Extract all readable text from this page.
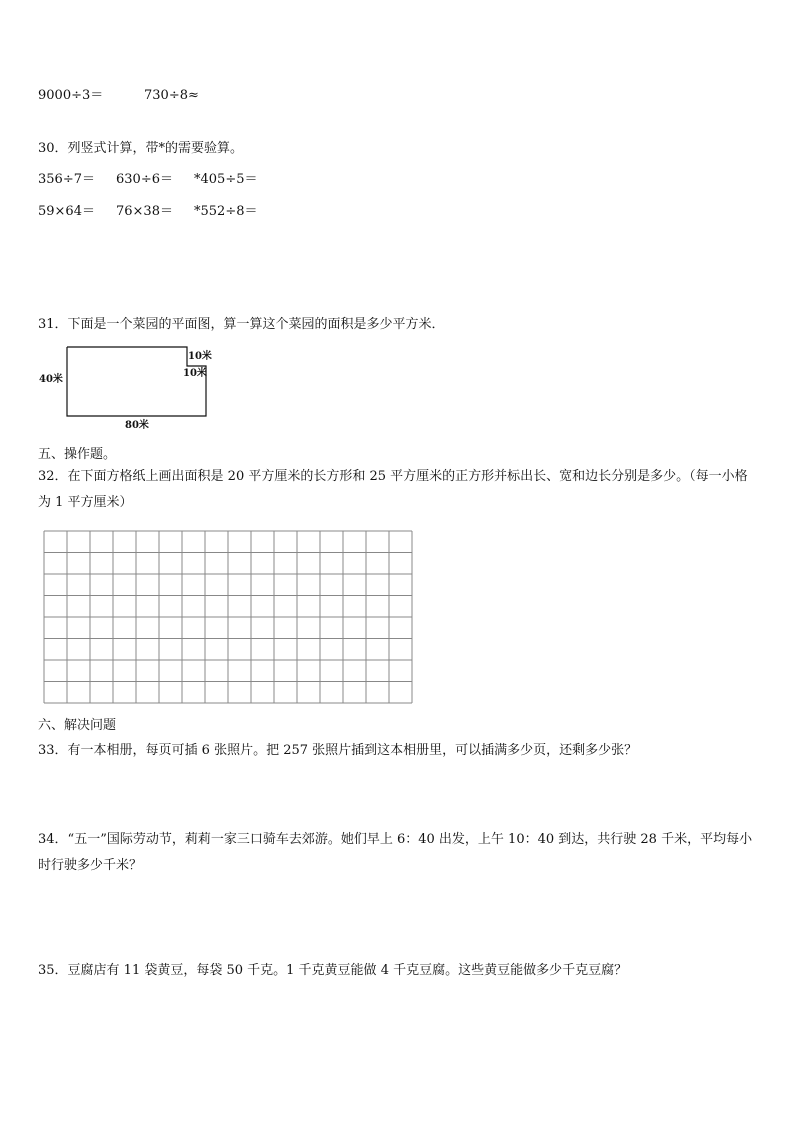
9000÷3＝	730÷8≈
30．列竖式计算，带*的需要验算。
356÷7＝ 630÷6＝ *405÷5＝
59×64＝ 76×38＝ *552÷8＝
31．下面是一个菜园的平面图，算一算这个菜园的面积是多少平方米．
40米
80米
10米
10米
五、操作题。
32．在下面方格纸上画出面积是 20 平方厘米的长方形和 25 平方厘米的正方形并标出长、宽和边长分别是多少。（每一小格为 1 平方厘米）
六、解决问题
33．有一本相册，每页可插 6 张照片。把 257 张照片插到这本相册里，可以插满多少页，还剩多少张？
34．“五一”国际劳动节，莉莉一家三口骑车去郊游。她们早上 6：40 出发，上午 10：40 到达，共行驶 28 千米，平均每小时行驶多少千米？
35．豆腐店有 11 袋黄豆，每袋 50 千克。1 千克黄豆能做 4 千克豆腐。这些黄豆能做多少千克豆腐？
